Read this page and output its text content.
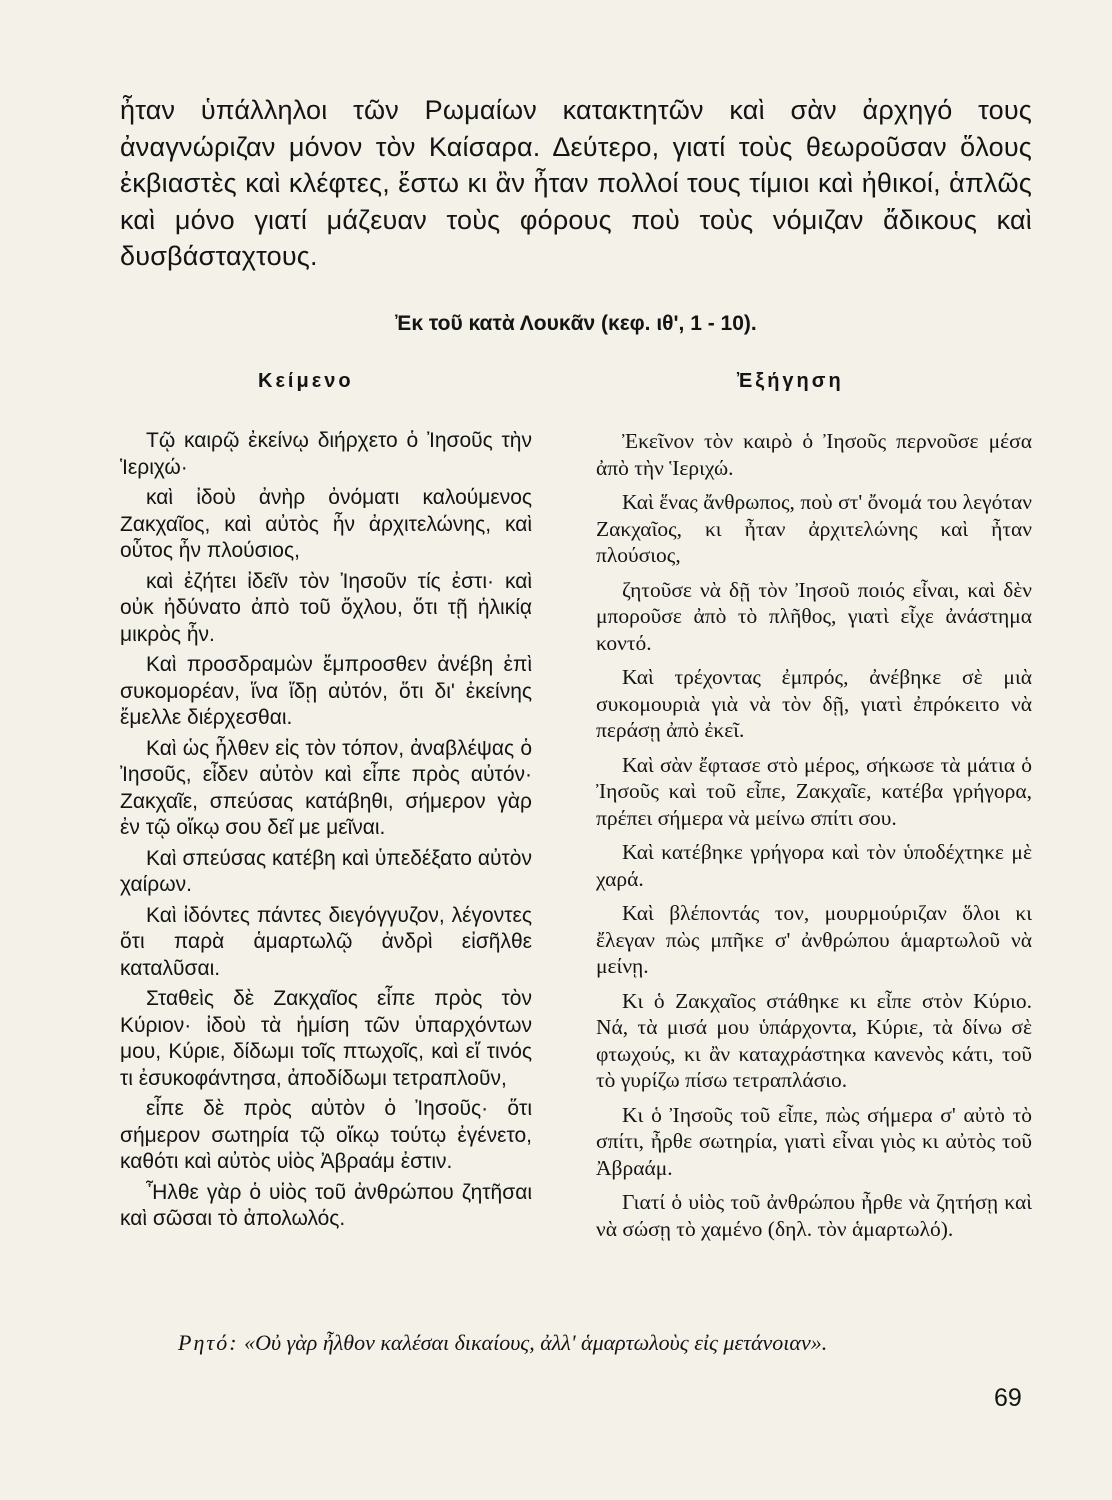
ἦταν ὑπάλληλοι τῶν Ρωμαίων κατακτητῶν καὶ σὰν ἀρχηγό τους ἀναγνώριζαν μόνον τὸν Καίσαρα. Δεύτερο, γιατί τοὺς θεωροῦσαν ὅλους ἐκβιαστὲς καὶ κλέφτες, ἔστω κι ἂν ἦταν πολλοί τους τίμιοι καὶ ἠθικοί, ἁπλῶς καὶ μόνο γιατί μάζευαν τοὺς φόρους ποὺ τοὺς νόμιζαν ἄδικους καὶ δυσβάσταχτους.

Ἐκ τοῦ κατὰ Λουκᾶν (κεφ. ιθ', 1 - 10).
Κείμενο	Ἐξήγηση

Τῷ καιρῷ ἐκείνῳ διήρχετο ὁ Ἰησοῦς τὴν Ἱεριχώ·

καὶ ἰδοὺ ἀνὴρ ὀνόματι καλούμενος Ζακχαῖος, καὶ αὐτὸς ἦν ἀρχιτελώνης, καὶ οὗτος ἦν πλούσιος,

καὶ ἐζήτει ἰδεῖν τὸν Ἰησοῦν τίς ἐστι· καὶ οὐκ ἠδύνατο ἀπὸ τοῦ ὄχλου, ὅτι τῇ ἡλικίᾳ μικρὸς ἦν.

Καὶ προσδραμὼν ἔμπροσθεν ἀνέβη ἐπὶ συκομορέαν, ἵνα ἴδῃ αὐτόν, ὅτι δι' ἐκείνης ἔμελλε διέρχεσθαι.

Καὶ ὡς ἦλθεν εἰς τὸν τόπον, ἀναβλέψας ὁ Ἰησοῦς, εἶδεν αὐτὸν καὶ εἶπε πρὸς αὐτόν· Ζακχαῖε, σπεύσας κατάβηθι, σήμερον γὰρ ἐν τῷ οἴκῳ σου δεῖ με μεῖναι.

Καὶ σπεύσας κατέβη καὶ ὑπεδέξατο αὐτὸν χαίρων.

Καὶ ἰδόντες πάντες διεγόγγυζον, λέγοντες ὅτι παρὰ ἁμαρτωλῷ ἀνδρὶ εἰσῆλθε καταλῦσαι.

Σταθεὶς δὲ Ζακχαῖος εἶπε πρὸς τὸν Κύριον· ἰδοὺ τὰ ἡμίση τῶν ὑπαρχόντων μου, Κύριε, δίδωμι τοῖς πτωχοῖς, καὶ εἴ τινός τι ἐσυκοφάντησα, ἀποδίδωμι τετραπλοῦν,

εἶπε δὲ πρὸς αὐτὸν ὁ Ἰησοῦς· ὅτι σήμερον σωτηρία τῷ οἴκῳ τούτῳ ἐγένετο, καθότι καὶ αὐτὸς υἱὸς Ἀβραάμ ἐστιν.

Ἦλθε γὰρ ὁ υἱὸς τοῦ ἀνθρώπου ζητῆσαι καὶ σῶσαι τὸ ἀπολωλός.

Ἐκεῖνον τὸν καιρὸ ὁ Ἰησοῦς περνοῦσε μέσα ἀπὸ τὴν Ἱεριχώ.

Καὶ ἕνας ἄνθρωπος, ποὺ στ' ὄνομά του λεγόταν Ζακχαῖος, κι ἦταν ἀρχιτελώνης καὶ ἦταν πλούσιος,

ζητοῦσε νὰ δῇ τὸν Ἰησοῦ ποιός εἶναι, καὶ δὲν μποροῦσε ἀπὸ τὸ πλῆθος, γιατὶ εἶχε ἀνάστημα κοντό.

Καὶ τρέχοντας ἐμπρός, ἀνέβηκε σὲ μιὰ συκομουριὰ γιὰ νὰ τὸν δῇ, γιατὶ ἐπρόκειτο νὰ περάσῃ ἀπὸ ἐκεῖ.

Καὶ σὰν ἔφτασε στὸ μέρος, σήκωσε τὰ μάτια ὁ Ἰησοῦς καὶ τοῦ εἶπε, Ζακχαῖε, κατέβα γρήγορα, πρέπει σήμερα νὰ μείνω σπίτι σου.

Καὶ κατέβηκε γρήγορα καὶ τὸν ὑποδέχτηκε μὲ χαρά.

Καὶ βλέποντάς τον, μουρμούριζαν ὅλοι κι ἔλεγαν πὼς μπῆκε σ' ἀνθρώπου ἁμαρτωλοῦ νὰ μείνῃ.

Κι ὁ Ζακχαῖος στάθηκε κι εἶπε στὸν Κύριο. Νά, τὰ μισά μου ὑπάρχοντα, Κύριε, τὰ δίνω σὲ φτωχούς, κι ἂν καταχράστηκα κανενὸς κάτι, τοῦ τὸ γυρίζω πίσω τετραπλάσιο.

Κι ὁ Ἰησοῦς τοῦ εἶπε, πὼς σήμερα σ' αὐτὸ τὸ σπίτι, ἦρθε σωτηρία, γιατὶ εἶναι γιὸς κι αὐτὸς τοῦ Ἀβραάμ.

Γιατί ὁ υἱὸς τοῦ ἀνθρώπου ἦρθε νὰ ζητήσῃ καὶ νὰ σώσῃ τὸ χαμένο (δηλ. τὸν ἁμαρτωλό).

Ρητό: «Οὐ γὰρ ἦλθον καλέσαι δικαίους, ἀλλ' ἁμαρτωλοὺς εἰς μετάνοιαν».
69
